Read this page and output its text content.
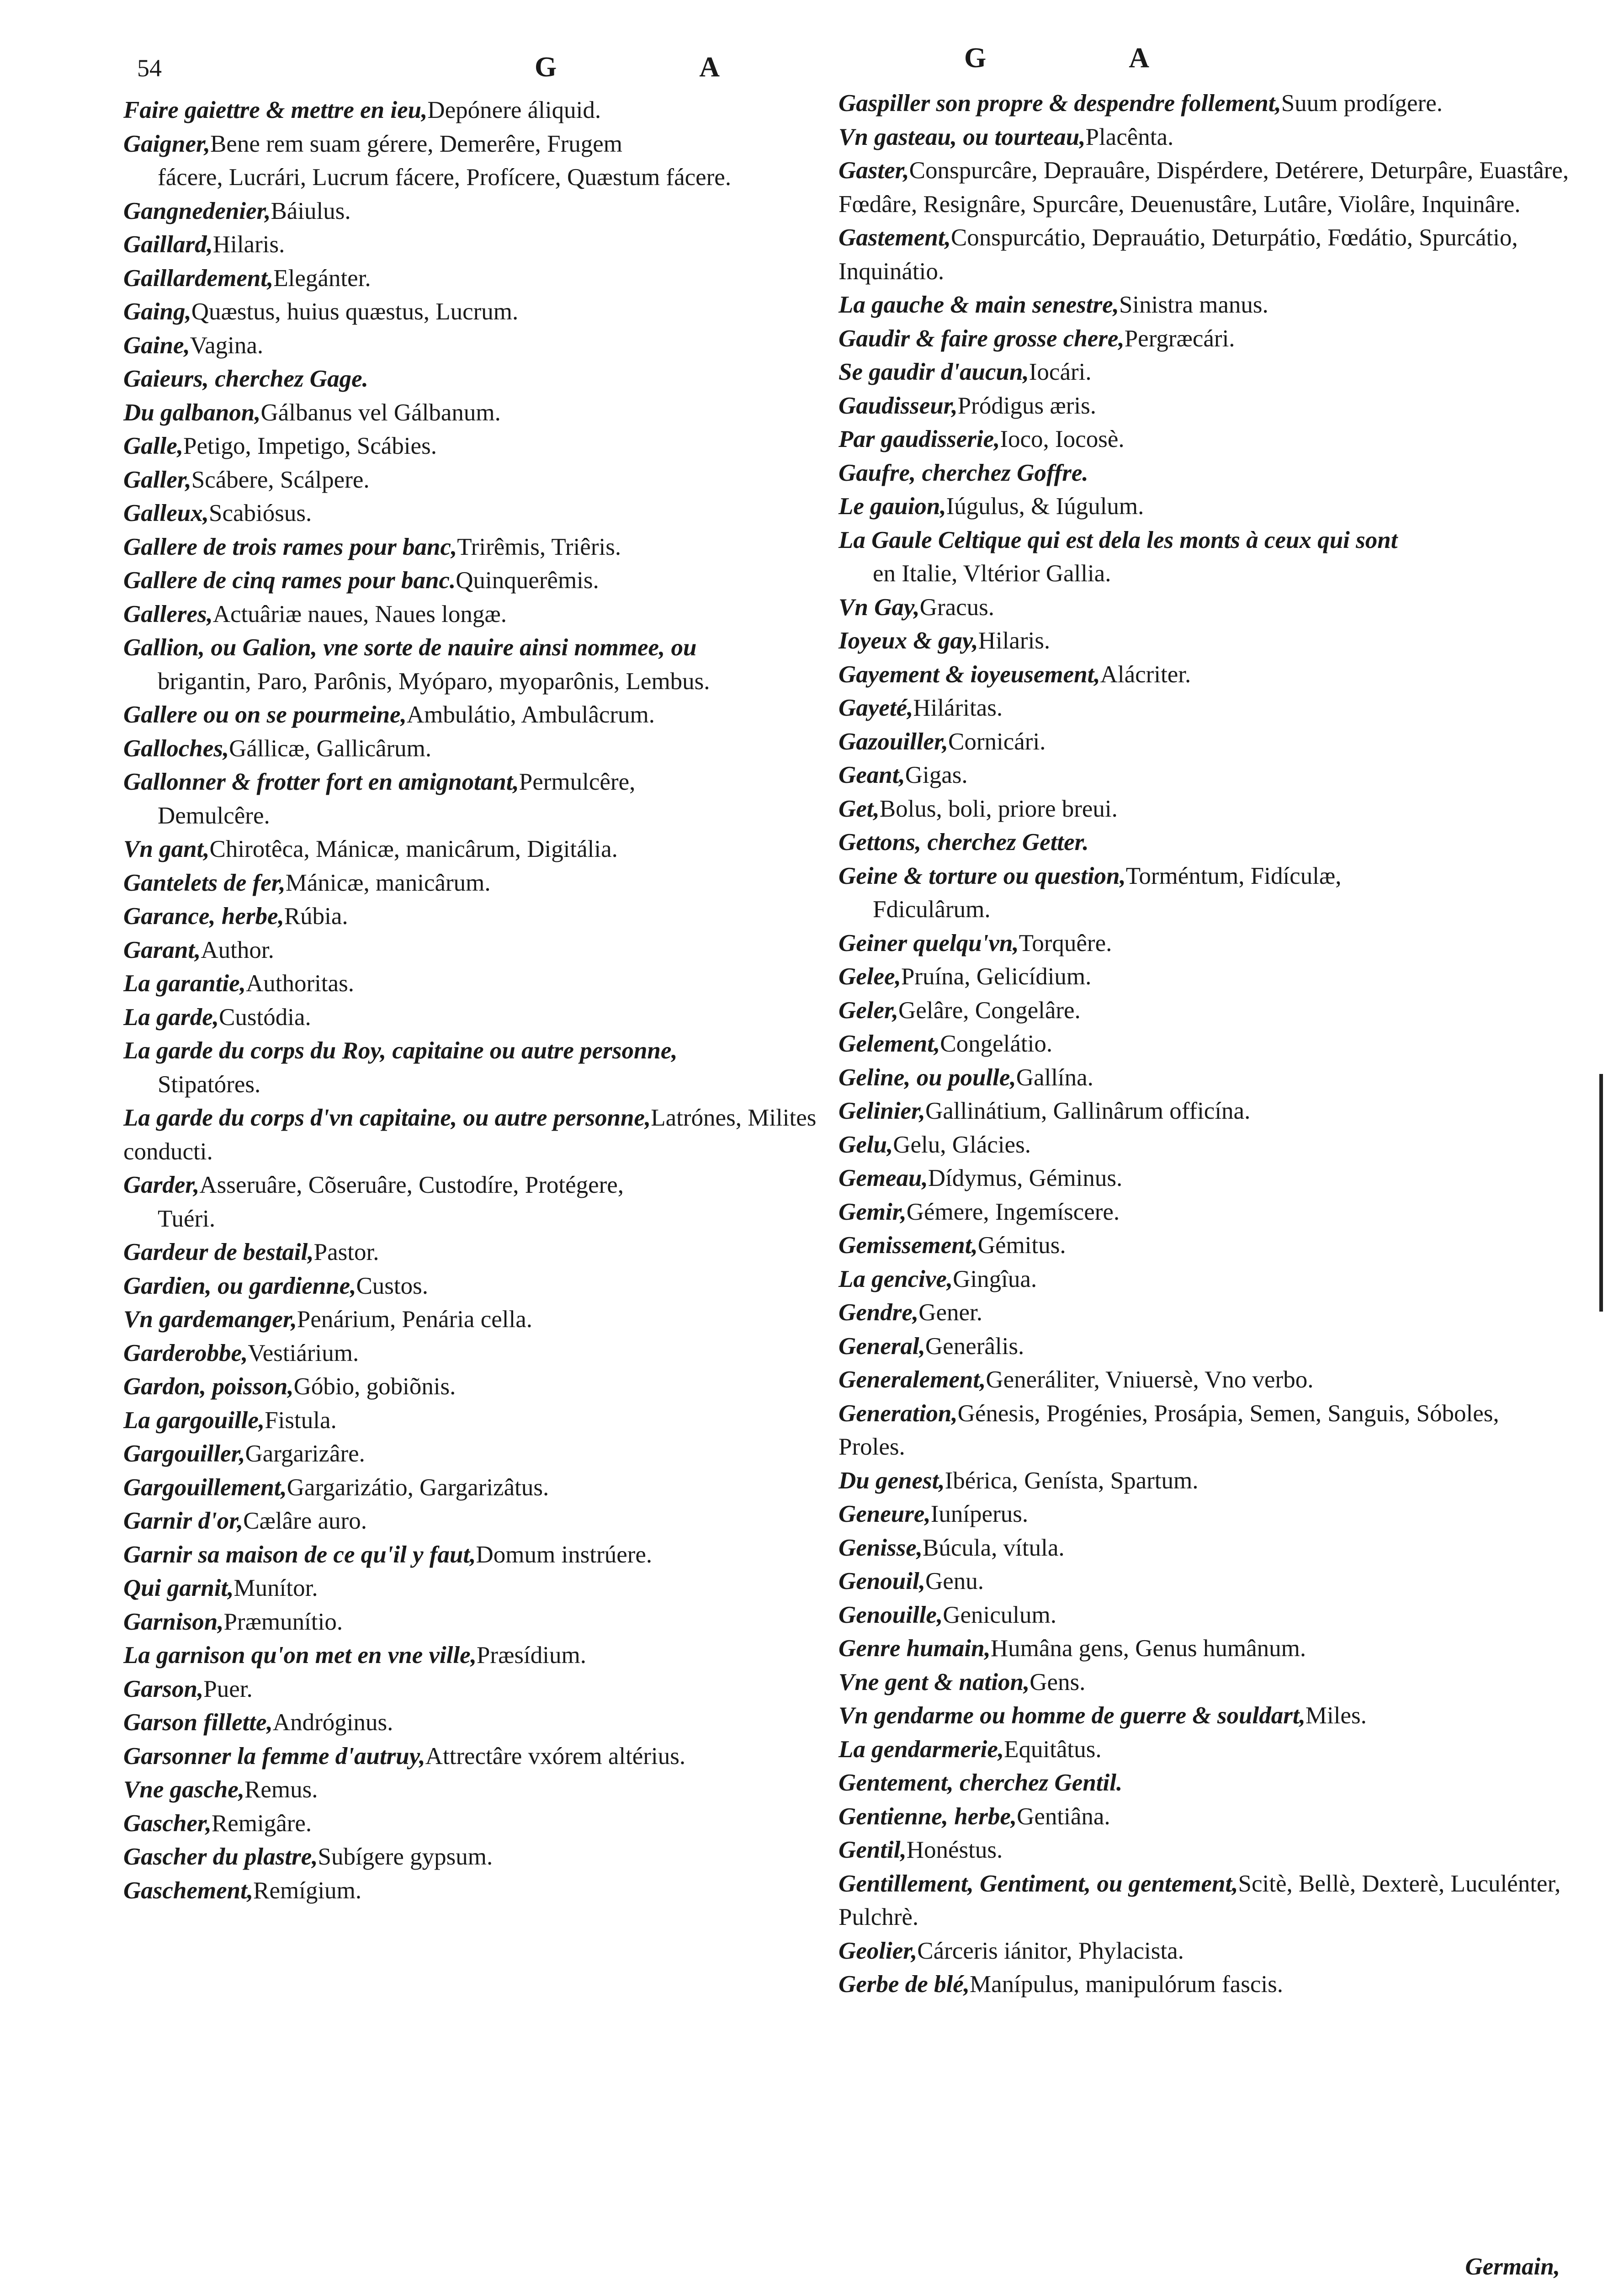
54	G A	G A
Faire gaiettre & mettre en ieu,Depónere áliquid.
Gaigner,Bene rem suam gérere, Demerêre, Frugem
fácere, Lucrári, Lucrum fácere, Profícere, Quæstum fácere.
Gangnedenier,Báiulus.
Gaillard,Hilaris.
Gaillardement,Elegánter.
Gaing,Quæstus, huius quæstus, Lucrum.
Gaine,Vagina.
Gaieurs, cherchez Gage.
Du galbanon,Gálbanus vel Gálbanum.
Galle,Petigo, Impetigo, Scábies.
Galler,Scábere, Scálpere.
Galleux,Scabiósus.
Gallere de trois rames pour banc,Trirêmis, Triêris.
Gallere de cinq rames pour banc.Quinquerêmis.
Galleres,Actuâriæ naues, Naues longæ.
Gallion, ou Galion, vne sorte de nauire ainsi nommee, ou
brigantin, Paro, Parônis, Myóparo, myoparônis, Lembus.
Gallere ou on se pourmeine,Ambulátio, Ambulâcrum.
Galloches,Gállicæ, Gallicârum.
Gallonner & frotter fort en amignotant,Permulcêre,
Demulcêre.
Vn gant,Chirotêca, Mánicæ, manicârum, Digitália.
Gantelets de fer,Mánicæ, manicârum.
Garance, herbe,Rúbia.
Garant,Author.
La garantie,Authoritas.
La garde,Custódia.
La garde du corps du Roy, capitaine ou autre personne,
Stipatóres.
La garde du corps d'vn capitaine, ou autre personne,Latrónes, Milites conducti.
Garder,Asseruâre, Cõseruâre, Custodíre, Protégere,
Tuéri.
Gardeur de bestail,Pastor.
Gardien, ou gardienne,Custos.
Vn gardemanger,Penárium, Penária cella.
Garderobbe,Vestiárium.
Gardon, poisson,Góbio, gobiõnis.
La gargouille,Fistula.
Gargouiller,Gargarizâre.
Gargouillement,Gargarizátio, Gargarizâtus.
Garnir d'or,Cælâre auro.
Garnir sa maison de ce qu'il y faut,Domum instrúere.
Qui garnit,Munítor.
Garnison,Præmunítio.
La garnison qu'on met en vne ville,Præsídium.
Garson,Puer.
Garson fillette,Andróginus.
Garsonner la femme d'autruy,Attrectâre vxórem altérius.
Vne gasche,Remus.
Gascher,Remigâre.
Gascher du plastre,Subígere gypsum.
Gaschement,Remígium.
Gaspiller son propre & despendre follement,Suum prodígere.
Vn gasteau, ou tourteau,Placênta.
Gaster,Conspurcâre, Deprauâre, Dispérdere, Detérere, Deturpâre, Euastâre, Fœdâre, Resignâre, Spurcâre, Deuenustâre, Lutâre, Violâre, Inquinâre.
Gastement,Conspurcátio, Deprauátio, Deturpátio, Fœdátio, Spurcátio, Inquinátio.
La gauche & main senestre,Sinistra manus.
Gaudir & faire grosse chere,Pergræcári.
Se gaudir d'aucun,Iocári.
Gaudisseur,Pródigus æris.
Par gaudisserie,Ioco, Iocosè.
Gaufre, cherchez Goffre.
Le gauion,Iúgulus, & Iúgulum.
La Gaule Celtique qui est dela les monts à ceux qui sont
en Italie, Vltérior Gallia.
Vn Gay,Gracus.
Ioyeux & gay,Hilaris.
Gayement & ioyeusement,Alácriter.
Gayeté,Hiláritas.
Gazouiller,Cornicári.
Geant,Gigas.
Get,Bolus, boli, priore breui.
Gettons, cherchez Getter.
Geine & torture ou question,Torméntum, Fidículæ,
Fdiculârum.
Geiner quelqu'vn,Torquêre.
Gelee,Pruína, Gelicídium.
Geler,Gelâre, Congelâre.
Gelement,Congelátio.
Geline, ou poulle,Gallína.
Gelinier,Gallinátium, Gallinârum officína.
Gelu,Gelu, Glácies.
Gemeau,Dídymus, Géminus.
Gemir,Gémere, Ingemíscere.
Gemissement,Gémitus.
La gencive,Gingîua.
Gendre,Gener.
General,Generâlis.
Generalement,Generáliter, Vniuersè, Vno verbo.
Generation,Génesis, Progénies, Prosápia, Semen, Sanguis, Sóboles, Proles.
Du genest,Ibérica, Genísta, Spartum.
Geneure,Iuníperus.
Genisse,Búcula, vítula.
Genouil,Genu.
Genouille,Geniculum.
Genre humain,Humâna gens, Genus humânum.
Vne gent & nation,Gens.
Vn gendarme ou homme de guerre & souldart,Miles.
La gendarmerie,Equitâtus.
Gentement, cherchez Gentil.
Gentienne, herbe,Gentiâna.
Gentil,Honéstus.
Gentillement, Gentiment, ou gentement,Scitè, Bellè, Dexterè, Luculénter, Pulchrè.
Geolier,Cárceris iánitor, Phylacista.
Gerbe de blé,Manípulus, manipulórum fascis.
Germain,
